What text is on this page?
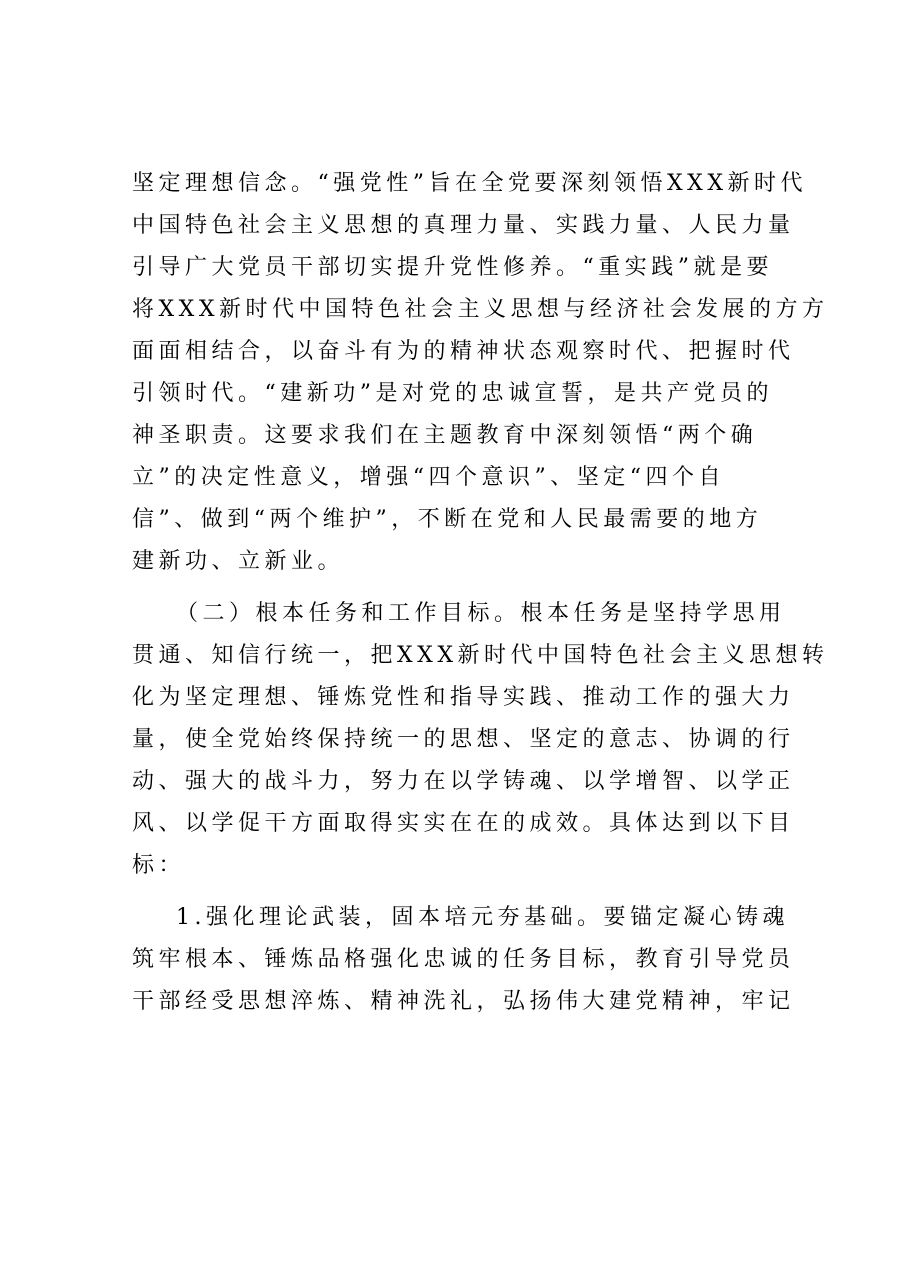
坚定理想信念。“强党性”旨在全党要深刻领悟XXX新时代
中国特色社会主义思想的真理力量、实践力量、人民力量
引导广大党员干部切实提升党性修养。“重实践”就是要
将XXX新时代中国特色社会主义思想与经济社会发展的方方
面面相结合，以奋斗有为的精神状态观察时代、把握时代
引领时代。“建新功”是对党的忠诚宣誓，是共产党员的
神圣职责。这要求我们在主题教育中深刻领悟“两个确
立”的决定性意义，增强“四个意识”、坚定“四个自
信”、做到“两个维护”，不断在党和人民最需要的地方
建新功、立新业。
（二）根本任务和工作目标。根本任务是坚持学思用
贯通、知信行统一，把XXX新时代中国特色社会主义思想转
化为坚定理想、锤炼党性和指导实践、推动工作的强大力
量，使全党始终保持统一的思想、坚定的意志、协调的行
动、强大的战斗力，努力在以学铸魂、以学增智、以学正
风、以学促干方面取得实实在在的成效。具体达到以下目
标：
1.强化理论武装，固本培元夯基础。要锚定凝心铸魂
筑牢根本、锤炼品格强化忠诚的任务目标，教育引导党员
干部经受思想淬炼、精神洗礼，弘扬伟大建党精神，牢记
